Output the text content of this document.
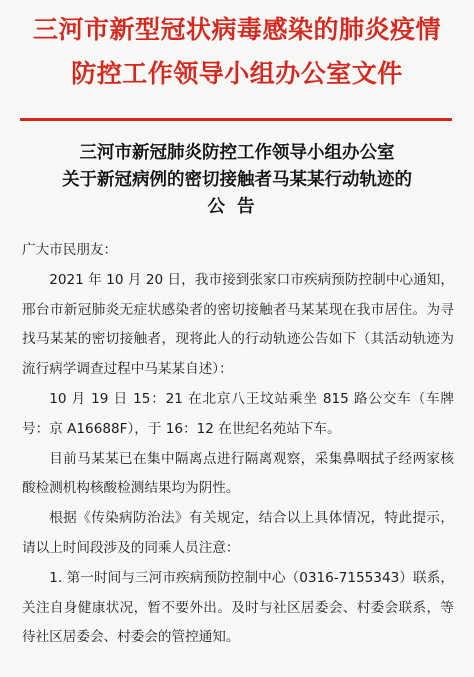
三河市新型冠状病毒感染的肺炎疫情
防控工作领导小组办公室文件
三河市新冠肺炎防控工作领导小组办公室
关于新冠病例的密切接触者马某某行动轨迹的
公告

广大市民朋友：

2021 年 10 月 20 日，我市接到张家口市疾病预防控制中心通知，邢台市新冠肺炎无症状感染者的密切接触者马某某现在我市居住。为寻找马某某的密切接触者，现将此人的行动轨迹公告如下（其活动轨迹为流行病学调查过程中马某某自述）：

10 月 19 日 15：21 在北京八王坟站乘坐 815 路公交车（车牌号：京 A16688F），于 16：12 在世纪名苑站下车。

目前马某某已在集中隔离点进行隔离观察，采集鼻咽拭子经两家核酸检测机构核酸检测结果均为阴性。

根据《传染病防治法》有关规定，结合以上具体情况，特此提示，请以上时间段涉及的同乘人员注意：

1. 第一时间与三河市疾病预防控制中心（0316-7155343）联系，关注自身健康状况，暂不要外出。及时与社区居委会、村委会联系，等待社区居委会、村委会的管控通知。
